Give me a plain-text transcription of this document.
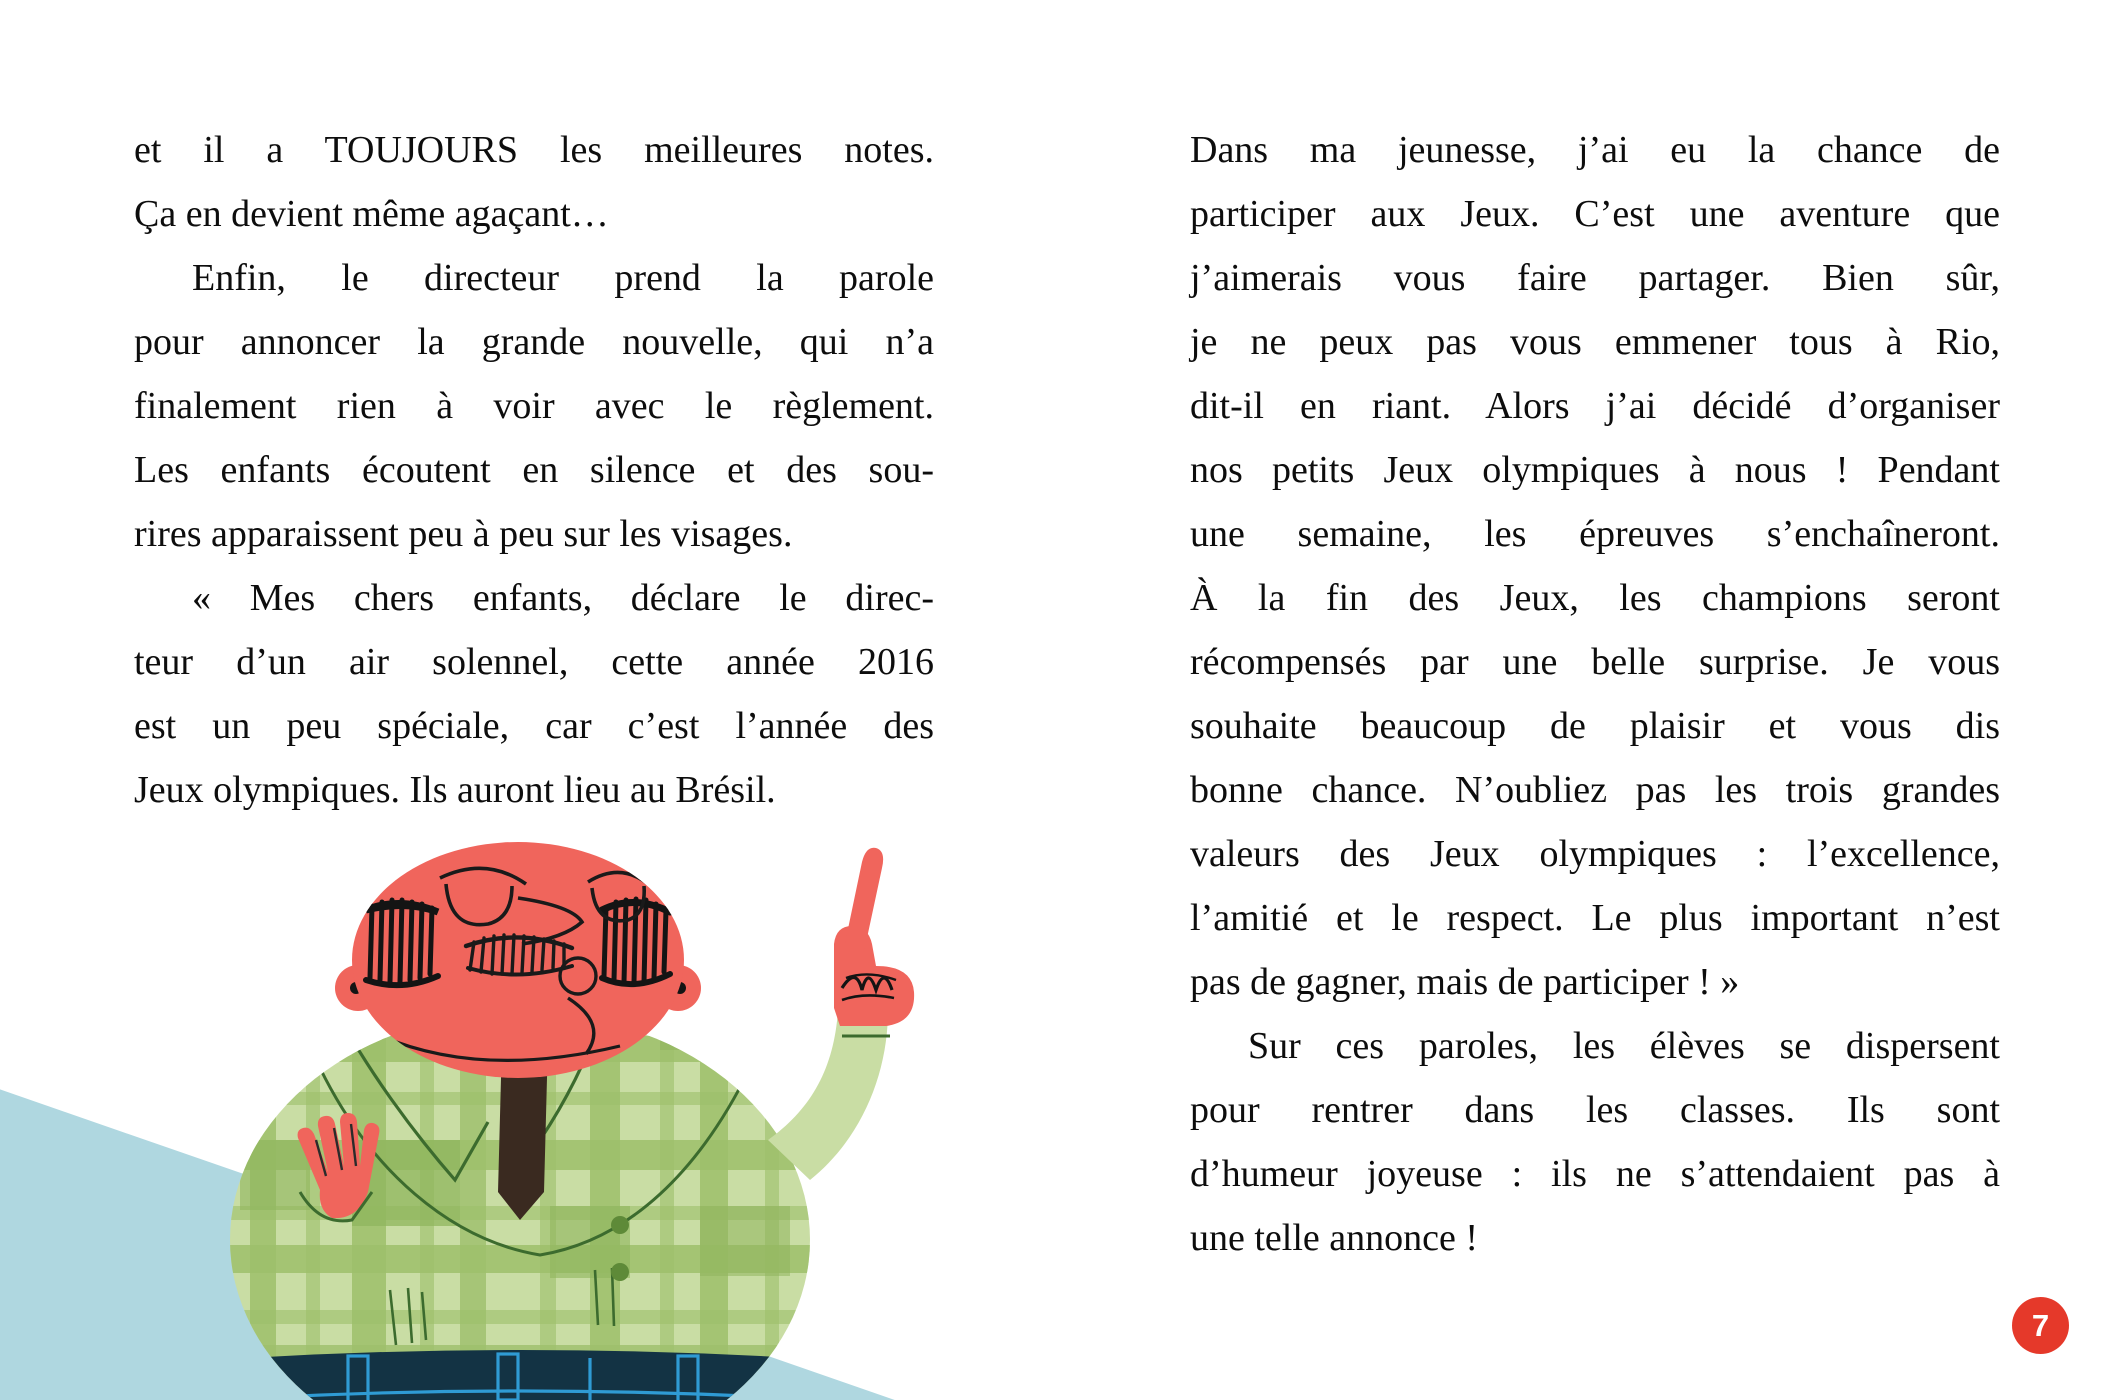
et il a TOUJOURS les meilleures notes.
Ça en devient même agaçant…

Enfin, le directeur prend la parole
pour annoncer la grande nouvelle, qui n’a
finalement rien à voir avec le règlement.
Les enfants écoutent en silence et des sou-
rires apparaissent peu à peu sur les visages.

« Mes chers enfants, déclare le direc-
teur d’un air solennel, cette année 2016
est un peu spéciale, car c’est l’année des
Jeux olympiques. Ils auront lieu au Brésil.

Dans ma jeunesse, j’ai eu la chance de
participer aux Jeux. C’est une aventure que
j’aimerais vous faire partager. Bien sûr,
je ne peux pas vous emmener tous à Rio,
dit-il en riant. Alors j’ai décidé d’organiser
nos petits Jeux olympiques à nous ! Pendant
une semaine, les épreuves s’enchaîneront.
À la fin des Jeux, les champions seront
récompensés par une belle surprise. Je vous
souhaite beaucoup de plaisir et vous dis
bonne chance. N’oubliez pas les trois grandes
valeurs des Jeux olympiques : l’excellence,
l’amitié et le respect. Le plus important n’est
pas de gagner, mais de participer ! »

Sur ces paroles, les élèves se dispersent
pour rentrer dans les classes. Ils sont
d’humeur joyeuse : ils ne s’attendaient pas à
une telle annonce !

7
